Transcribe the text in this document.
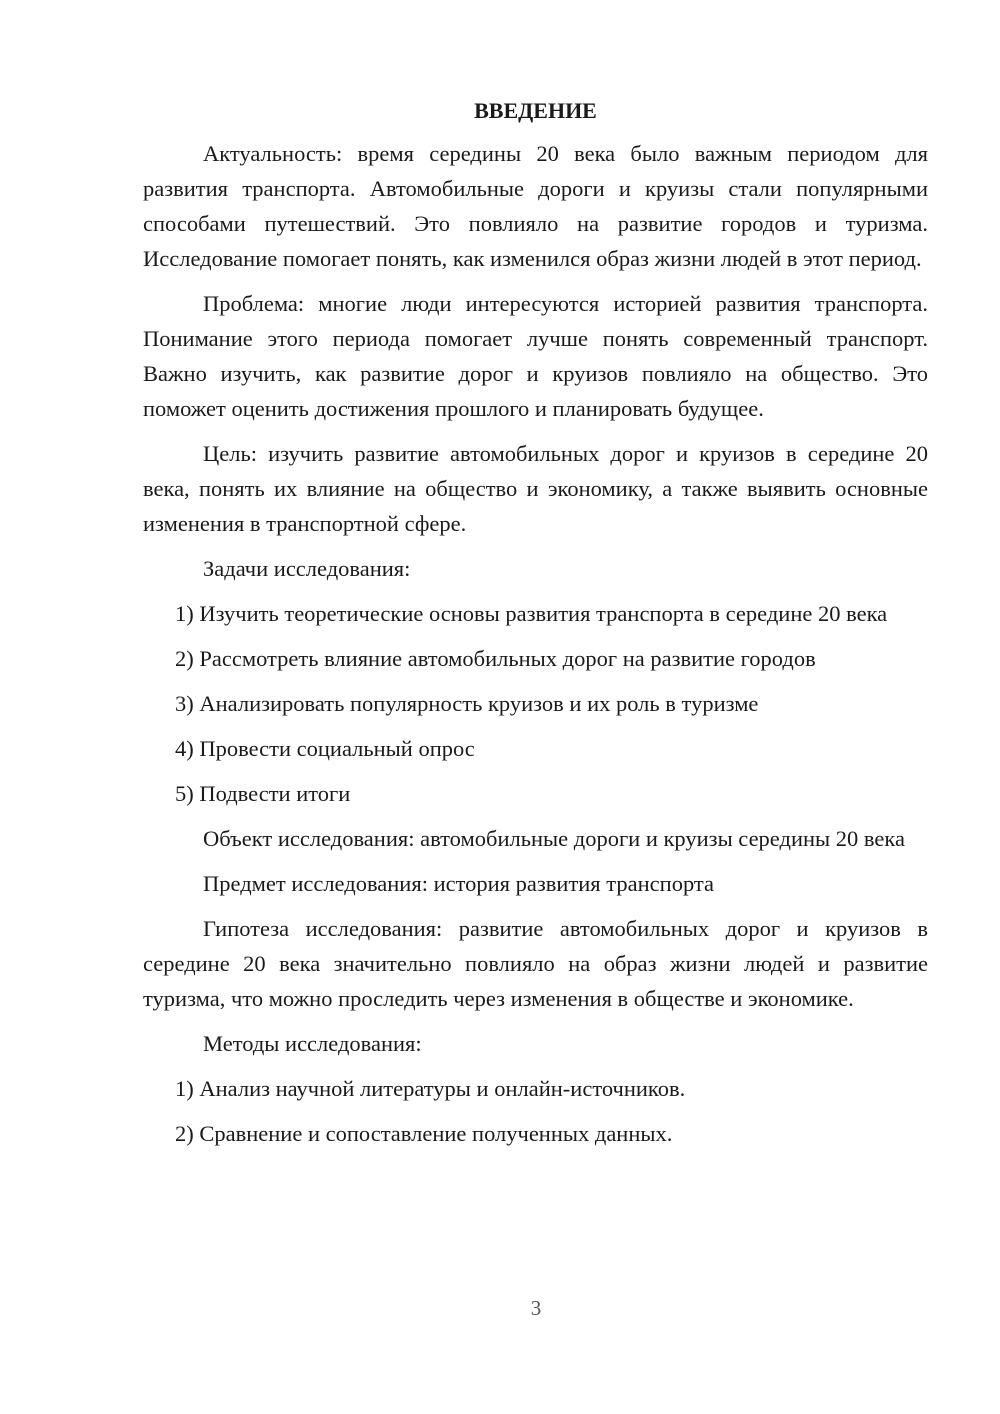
ВВЕДЕНИЕ

Актуальность: время середины 20 века было важным периодом для развития транспорта. Автомобильные дороги и круизы стали популярными способами путешествий. Это повлияло на развитие городов и туризма. Исследование помогает понять, как изменился образ жизни людей в этот период.

Проблема: многие люди интересуются историей развития транспорта. Понимание этого периода помогает лучше понять современный транспорт. Важно изучить, как развитие дорог и круизов повлияло на общество. Это поможет оценить достижения прошлого и планировать будущее.

Цель: изучить развитие автомобильных дорог и круизов в середине 20 века, понять их влияние на общество и экономику, а также выявить основные изменения в транспортной сфере.

Задачи исследования:

1) Изучить теоретические основы развития транспорта в середине 20 века

2) Рассмотреть влияние автомобильных дорог на развитие городов

3) Анализировать популярность круизов и их роль в туризме

4) Провести социальный опрос

5) Подвести итоги

Объект исследования: автомобильные дороги и круизы середины 20 века

Предмет исследования: история развития транспорта

Гипотеза исследования: развитие автомобильных дорог и круизов в середине 20 века значительно повлияло на образ жизни людей и развитие туризма, что можно проследить через изменения в обществе и экономике.

Методы исследования:

1) Анализ научной литературы и онлайн-источников.

2) Сравнение и сопоставление полученных данных.

3
